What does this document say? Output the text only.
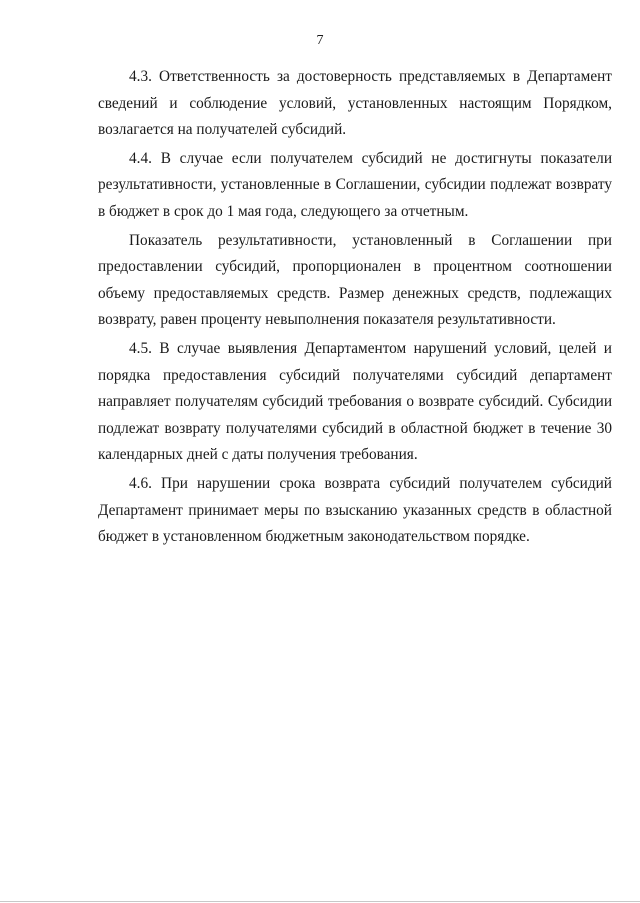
7

4.3. Ответственность за достоверность представляемых в Департамент сведений и соблюдение условий, установленных настоящим Порядком, возлагается на получателей субсидий.

4.4. В случае если получателем субсидий не достигнуты показатели результативности, установленные в Соглашении, субсидии подлежат возврату в бюджет в срок до 1 мая года, следующего за отчетным.

Показатель результативности, установленный в Соглашении при предоставлении субсидий, пропорционален в процентном соотношении объему предоставляемых средств. Размер денежных средств, подлежащих возврату, равен проценту невыполнения показателя результативности.

4.5. В случае выявления Департаментом нарушений условий, целей и порядка предоставления субсидий получателями субсидий департамент направляет получателям субсидий требования о возврате субсидий. Субсидии подлежат возврату получателями субсидий в областной бюджет в течение 30 календарных дней с даты получения требования.

4.6. При нарушении срока возврата субсидий получателем субсидий Департамент принимает меры по взысканию указанных средств в областной бюджет в установленном бюджетным законодательством порядке.
